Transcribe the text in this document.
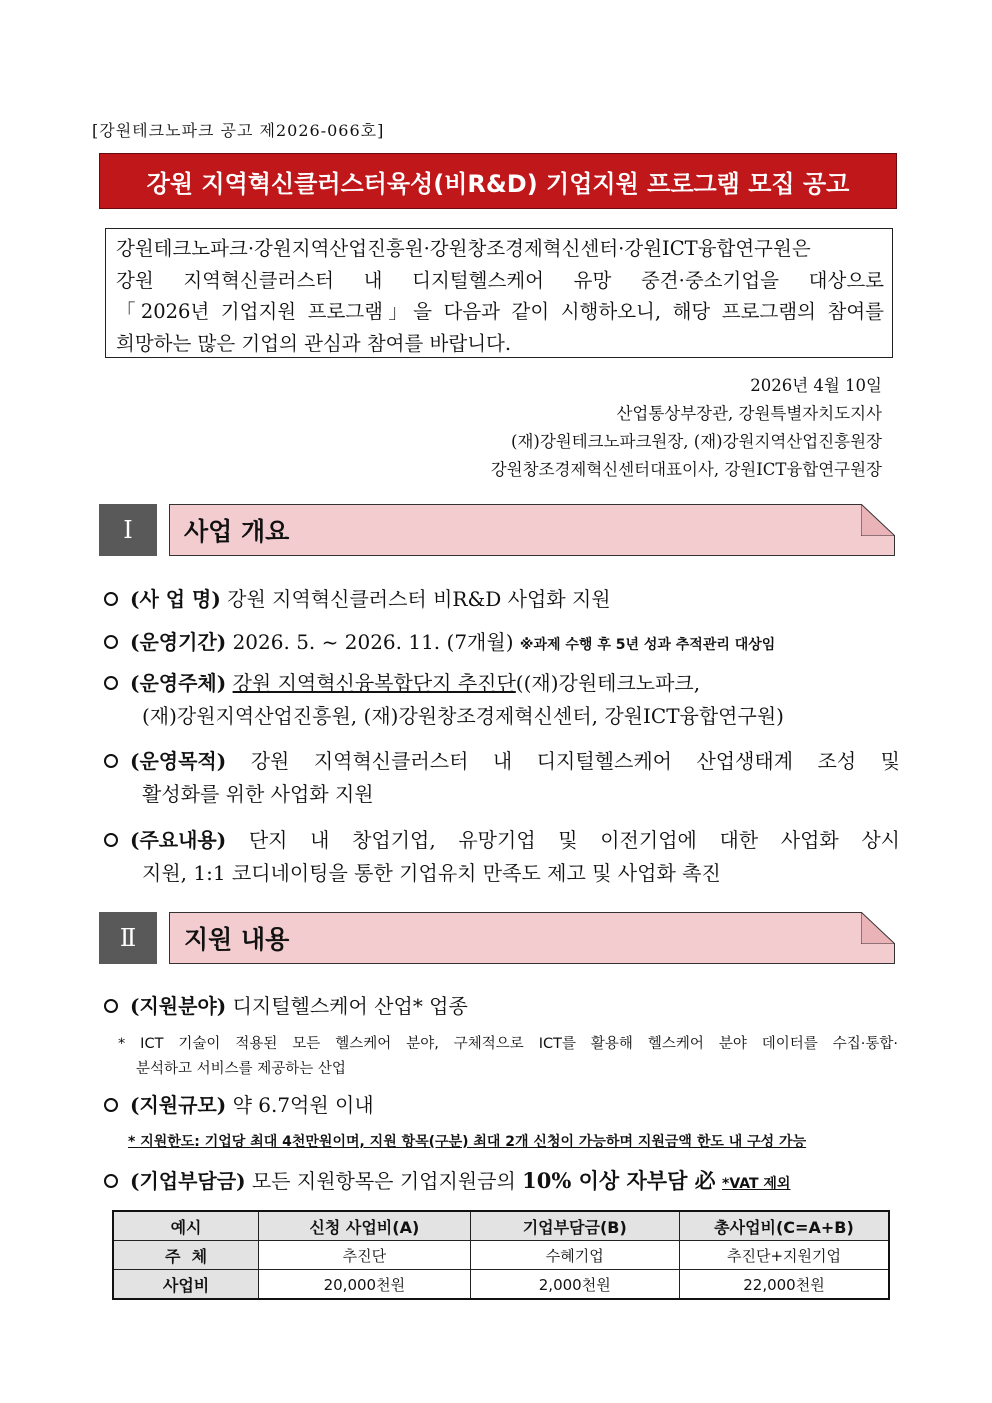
[강원테크노파크 공고 제2026-066호]
강원 지역혁신클러스터육성(비R&D) 기업지원 프로그램 모집 공고
강원테크노파크·강원지역산업진흥원·강원창조경제혁신센터·강원ICT융합연구원은
강원 지역혁신클러스터 내 디지털헬스케어 유망 중견·중소기업을 대상으로
「2026년 기업지원 프로그램」을 다음과 같이 시행하오니, 해당 프로그램의 참여를
희망하는 많은 기업의 관심과 참여를 바랍니다.
2026년 4월 10일
산업통상부장관, 강원특별자치도지사
(재)강원테크노파크원장, (재)강원지역산업진흥원장
강원창조경제혁신센터대표이사, 강원ICT융합연구원장
Ⅰ	사업 개요
(사 업 명) 강원 지역혁신클러스터 비R&D 사업화 지원
(운영기간) 2026. 5. ~ 2026. 11. (7개월) ※과제 수행 후 5년 성과 추적관리 대상임
(운영주체) 강원 지역혁신융복합단지 추진단((재)강원테크노파크,
(재)강원지역산업진흥원, (재)강원창조경제혁신센터, 강원ICT융합연구원)
(운영목적) 강원 지역혁신클러스터 내 디지털헬스케어 산업생태계 조성 및
활성화를 위한 사업화 지원
(주요내용) 단지 내 창업기업, 유망기업 및 이전기업에 대한 사업화 상시
지원, 1:1 코디네이팅을 통한 기업유치 만족도 제고 및 사업화 촉진
Ⅱ	지원 내용
(지원분야) 디지털헬스케어 산업* 업종
* ICT 기술이 적용된 모든 헬스케어 분야, 구체적으로 ICT를 활용해 헬스케어 분야 데이터를 수집·통합·
분석하고 서비스를 제공하는 산업
(지원규모) 약 6.7억원 이내
* 지원한도: 기업당 최대 4천만원이며, 지원 항목(구분) 최대 2개 신청이 가능하며 지원금액 한도 내 구성 가능
(기업부담금) 모든 지원항목은 기업지원금의 10% 이상 자부담 必 *VAT 제외
예시	신청 사업비(A)	기업부담금(B)	총사업비(C=A+B)
주  체	추진단	수혜기업	추진단+지원기업
사업비	20,000천원	2,000천원	22,000천원
